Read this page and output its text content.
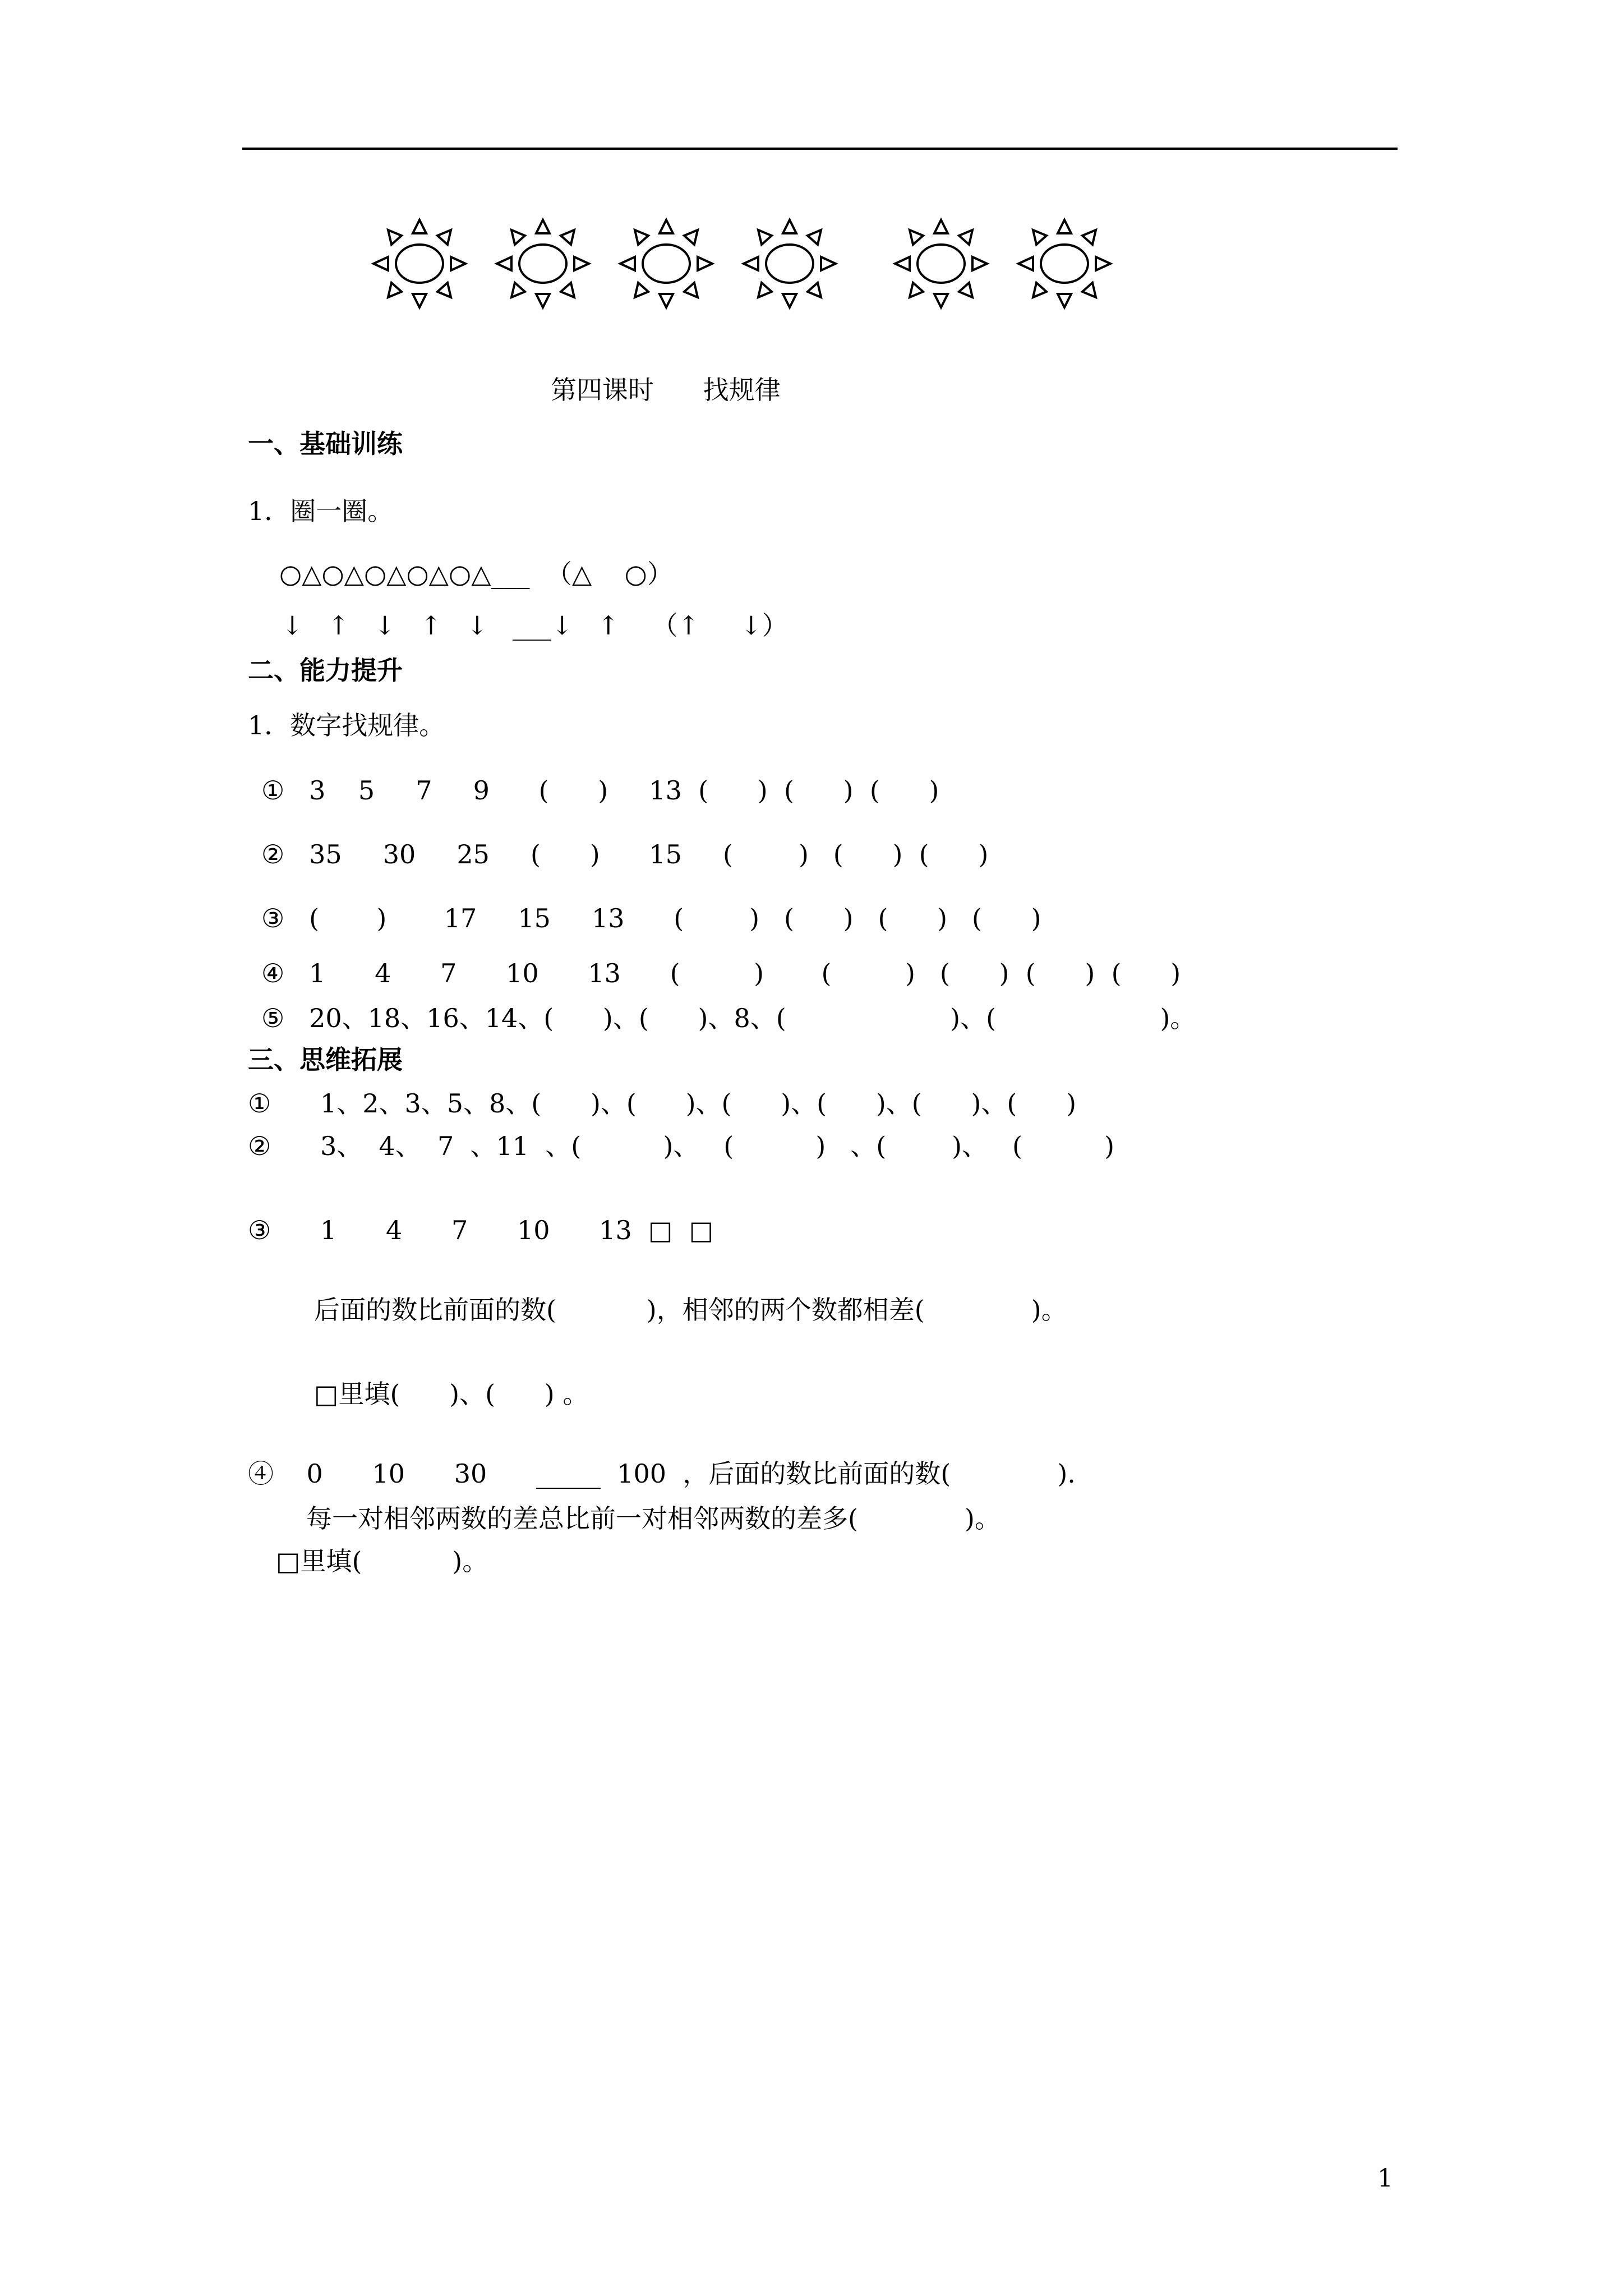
第四课时      找规律
一、基础训练
1．圈一圈。
○△○△○△○△○△___  （△    ○）
↓   ↑   ↓   ↑   ↓   ___↓   ↑    （↑     ↓）
二、能力提升
1．数字找规律。
①   3    5     7     9      (      )     13  (      )  (      )  (      )
②   35     30     25     (      )      15     (        )   (      )  (      )
③   (       )       17     15     13      (        )   (      )   (      )   (      )
④   1      4      7      10      13      (         )       (         )   (      )  (      )  (      )
⑤   20、18、16、14、(      )、(      )、8、(                    )、(                    )。
三、思维拓展
①      1、2、3、5、8、(      )、(      )、(      )、(      )、(      )、(      )
②      3、  4、  7  、11  、(          )、   (          )   、(        )、   (          )
③      1      4      7      10      13  □  □
后面的数比前面的数(           )，相邻的两个数都相差(             )。
□里填(      )、(      ) 。
④    0      10      30      _____  100  ，后面的数比前面的数(             ).
每一对相邻两数的差总比前一对相邻两数的差多(             )。
□里填(           )。
1
